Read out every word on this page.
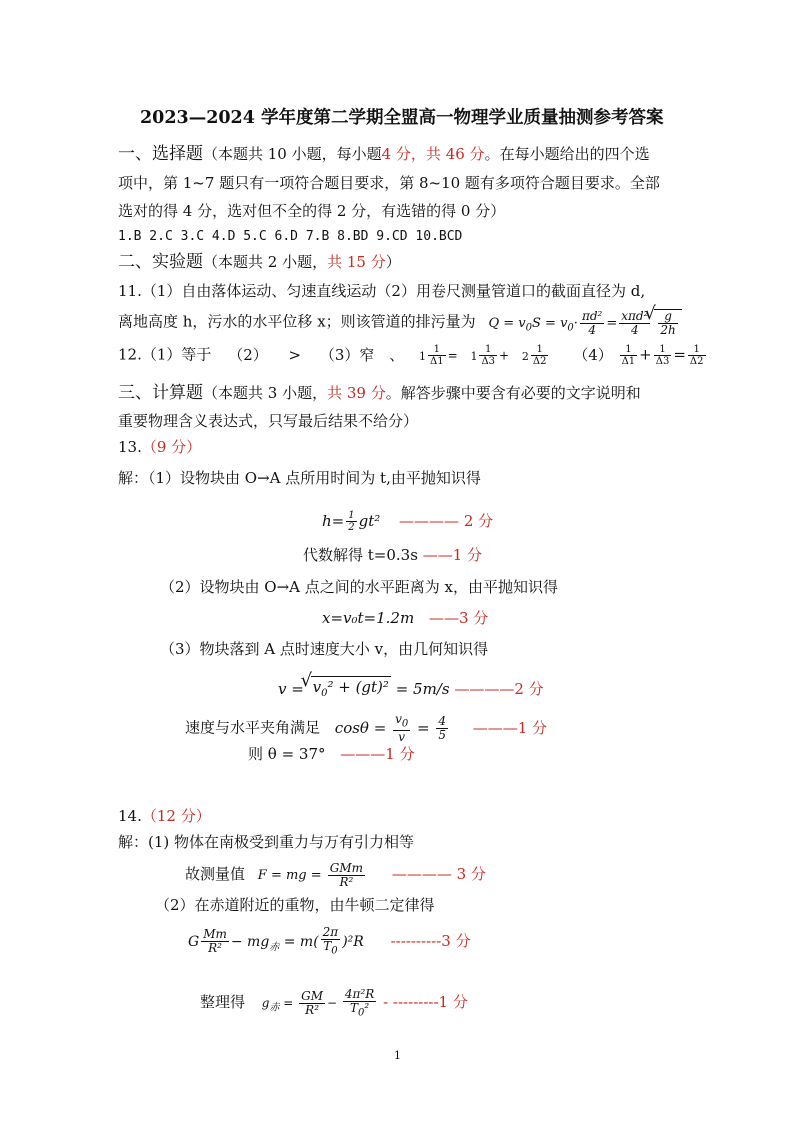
2023—2024 学年度第二学期全盟高一物理学业质量抽测参考答案
一、选择题（本题共 10 小题，每小题4 分，共 46 分。在每小题给出的四个选
项中，第 1~7 题只有一项符合题目要求，第 8~10 题有多项符合题目要求。全部
选对的得 4 分，选对但不全的得 2 分，有选错的得 0 分）
1.B 2.C 3.C 4.D 5.C 6.D 7.B 8.BD 9.CD 10.BCD
二、实验题（本题共 2 小题，共 15 分）
11.（1）自由落体运动、匀速直线运动（2）用卷尺测量管道口的截面直径为 d,
离地高度 h，污水的水平位移 x；则该管道的排污量为 $Q = v_0S = v_0\cdot \frac{\text{πd²}}{4} = \frac{\text{xπd²}}{4}$
√ $\frac{g}{2h}$
12.（1）等于 （2） > （3）窄 、 $1 \frac{1}{\Delta 1} = 1 \frac{1}{\Delta 3} + 2 \frac{1}{\Delta 2} (4) \frac{1}{\Delta 1} + \frac{1}{\Delta 3} = \frac{1}{\Delta 2}$
三、计算题（本题共 3 小题，共 39 分。解答步骤中要含有必要的文字说明和
重要物理含义表达式，只写最后结果不给分）
13.（9 分）
解：（1）设物块由 O→A 点所用时间为 t,由平抛知识得
$h= \frac{1}{2} gt^2$ ———— 2 分
代数解得 t=0.3s ——1 分
（2）设物块由 O→A 点之间的水平距离为 x，由平抛知识得
x=v₀t=1.2m ——3 分
（3）物块落到 A 点时速度大小 v，由几何知识得
v = √ $v_0^2 + (gt)^2 = 5m/s$ ————2 分
速度与水平夹角满足 $\cos\theta = \frac{v_0}{v} = \frac{4}{5}$ ———1 分
则 θ = 37° ———1 分
14.（12 分）
解：(1) 物体在南极受到重力与万有引力相等
故测量值 F = mg = $\frac{\text{GMm}}{\text{R²}}$ ———— 3 分
（2）在赤道附近的重物，由牛顿二定律得
G $\frac{Mm}{\text{R²}} - mg_赤 = m( \frac{2\pi}{T_0} )^2R$ ----------3 分
整理得 $g_赤 = \frac{GM}{\text{R²}} - \frac{\text{4π²R}}{T_0^2} - ---------1$ 分
1
